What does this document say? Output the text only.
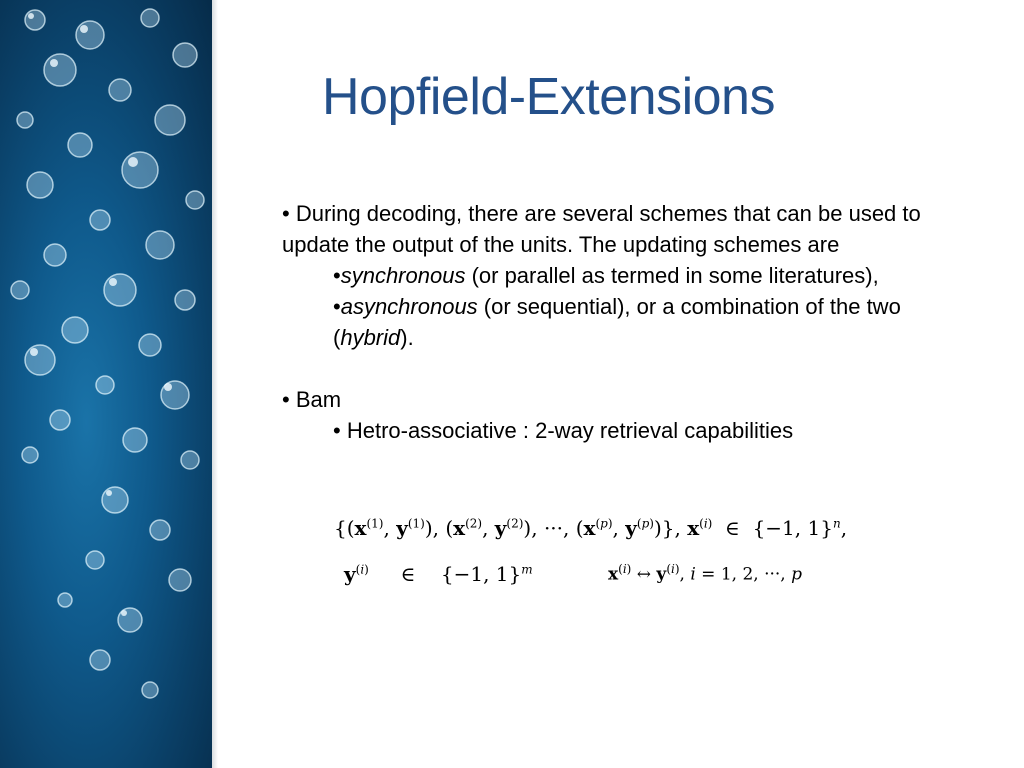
Hopfield-Extensions

• During decoding, there are several schemes that can be used to update the output of the units. The updating schemes are

•synchronous (or parallel as termed in some literatures),

•asynchronous (or sequential), or a combination of the two (hybrid).

• Bam

• Hetro-associative : 2-way retrieval capabilities

{($x^{(1)}$, $y^{(1)}$), ($x^{(2)}$, $y^{(2)}$), ···, ($x^{(p)}$, $y^{(p)}$)}, $x^{(i)}$  ∈  {−1, 1}$^n$,
$y^{(i)}$     ∈    {−1, 1}$^m$	$x^{(i)}$ ↔ $y^{(i)}$, i = 1, 2, ···, p
